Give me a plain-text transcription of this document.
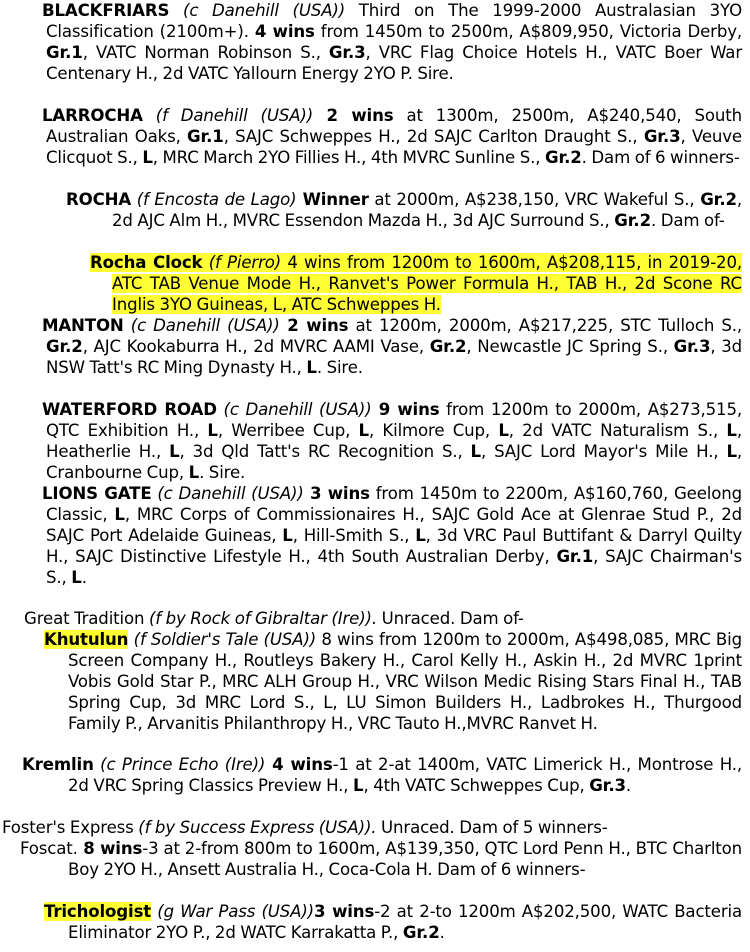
BLACKFRIARS (c Danehill (USA)) Third on The 1999-2000 Australasian 3YO Classification (2100m+). 4 wins from 1450m to 2500m, A$809,950, Victoria Derby, Gr.1, VATC Norman Robinson S., Gr.3, VRC Flag Choice Hotels H., VATC Boer War Centenary H., 2d VATC Yallourn Energy 2YO P. Sire.
LARROCHA (f Danehill (USA)) 2 wins at 1300m, 2500m, A$240,540, South Australian Oaks, Gr.1, SAJC Schweppes H., 2d SAJC Carlton Draught S., Gr.3, Veuve Clicquot S., L, MRC March 2YO Fillies H., 4th MVRC Sunline S., Gr.2. Dam of 6 winners-
ROCHA (f Encosta de Lago) Winner at 2000m, A$238,150, VRC Wakeful S., Gr.2, 2d AJC Alm H., MVRC Essendon Mazda H., 3d AJC Surround S., Gr.2. Dam of-
Rocha Clock (f Pierro) 4 wins from 1200m to 1600m, A$208,115, in 2019-20, ATC TAB Venue Mode H., Ranvet's Power Formula H., TAB H., 2d Scone RC Inglis 3YO Guineas, L, ATC Schweppes H.
MANTON (c Danehill (USA)) 2 wins at 1200m, 2000m, A$217,225, STC Tulloch S., Gr.2, AJC Kookaburra H., 2d MVRC AAMI Vase, Gr.2, Newcastle JC Spring S., Gr.3, 3d NSW Tatt's RC Ming Dynasty H., L. Sire.
WATERFORD ROAD (c Danehill (USA)) 9 wins from 1200m to 2000m, A$273,515, QTC Exhibition H., L, Werribee Cup, L, Kilmore Cup, L, 2d VATC Naturalism S., L, Heatherlie H., L, 3d Qld Tatt's RC Recognition S., L, SAJC Lord Mayor's Mile H., L, Cranbourne Cup, L. Sire.
LIONS GATE (c Danehill (USA)) 3 wins from 1450m to 2200m, A$160,760, Geelong Classic, L, MRC Corps of Commissionaires H., SAJC Gold Ace at Glenrae Stud P., 2d SAJC Port Adelaide Guineas, L, Hill-Smith S., L, 3d VRC Paul Buttifant & Darryl Quilty H., SAJC Distinctive Lifestyle H., 4th South Australian Derby, Gr.1, SAJC Chairman's S., L.
Great Tradition (f by Rock of Gibraltar (Ire)). Unraced. Dam of-
Khutulun (f Soldier's Tale (USA)) 8 wins from 1200m to 2000m, A$498,085, MRC Big Screen Company H., Routleys Bakery H., Carol Kelly H., Askin H., 2d MVRC 1print Vobis Gold Star P., MRC ALH Group H., VRC Wilson Medic Rising Stars Final H., TAB Spring Cup, 3d MRC Lord S., L, LU Simon Builders H., Ladbrokes H., Thurgood Family P., Arvanitis Philanthropy H., VRC Tauto H.,MVRC Ranvet H.
Kremlin (c Prince Echo (Ire)) 4 wins-1 at 2-at 1400m, VATC Limerick H., Montrose H., 2d VRC Spring Classics Preview H., L, 4th VATC Schweppes Cup, Gr.3.
Foster's Express (f by Success Express (USA)). Unraced. Dam of 5 winners-
Foscat. 8 wins-3 at 2-from 800m to 1600m, A$139,350, QTC Lord Penn H., BTC Charlton Boy 2YO H., Ansett Australia H., Coca-Cola H. Dam of 6 winners-
Trichologist (g War Pass (USA))3 wins-2 at 2-to 1200m A$202,500, WATC Bacteria Eliminator 2YO P., 2d WATC Karrakatta P., Gr.2.
